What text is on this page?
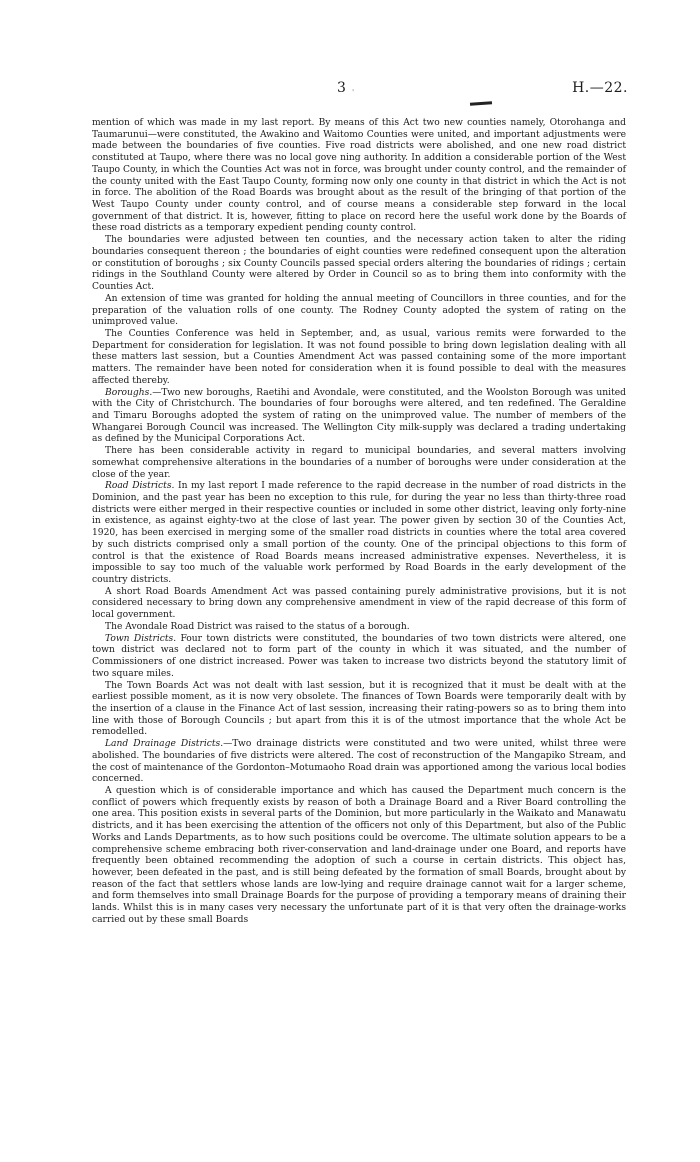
'
3	H.—22.

mention of which was made in my last report. By means of this Act two new counties namely, Otorohanga and Taumarunui—were constituted, the Awakino and Waitomo Counties were united, and important adjustments were made between the boundaries of five counties. Five road districts were abolished, and one new road district constituted at Taupo, where there was no local gove ning authority. In addition a considerable portion of the West Taupo County, in which the Counties Act was not in force, was brought under county control, and the remainder of the county united with the East Taupo County, forming now only one county in that district in which the Act is not in force. The abolition of the Road Boards was brought about as the result of the bringing of that portion of the West Taupo County under county control, and of course means a considerable step forward in the local government of that district. It is, however, fitting to place on record here the useful work done by the Boards of these road districts as a temporary expedient pending county control.

The boundaries were adjusted between ten counties, and the necessary action taken to alter the riding boundaries consequent thereon ; the boundaries of eight counties were redefined consequent upon the alteration or constitution of boroughs ; six County Councils passed special orders altering the boundaries of ridings ; certain ridings in the Southland County were altered by Order in Council so as to bring them into conformity with the Counties Act.

An extension of time was granted for holding the annual meeting of Councillors in three counties, and for the preparation of the valuation rolls of one county. The Rodney County adopted the system of rating on the unimproved value.

The Counties Conference was held in September, and, as usual, various remits were forwarded to the Department for consideration for legislation. It was not found possible to bring down legislation dealing with all these matters last session, but a Counties Amendment Act was passed containing some of the more important matters. The remainder have been noted for consideration when it is found possible to deal with the measures affected thereby.

Boroughs.—Two new boroughs, Raetihi and Avondale, were constituted, and the Woolston Borough was united with the City of Christchurch. The boundaries of four boroughs were altered, and ten redefined. The Geraldine and Timaru Boroughs adopted the system of rating on the unimproved value. The number of members of the Whangarei Borough Council was increased. The Wellington City milk-supply was declared a trading undertaking as defined by the Municipal Corporations Act.

There has been considerable activity in regard to municipal boundaries, and several matters involving somewhat comprehensive alterations in the boundaries of a number of boroughs were under consideration at the close of the year.

Road Districts. In my last report I made reference to the rapid decrease in the number of road districts in the Dominion, and the past year has been no exception to this rule, for during the year no less than thirty-three road districts were either merged in their respective counties or included in some other district, leaving only forty-nine in existence, as against eighty-two at the close of last year. The power given by section 30 of the Counties Act, 1920, has been exercised in merging some of the smaller road districts in counties where the total area covered by such districts comprised only a small portion of the county. One of the principal objections to this form of control is that the existence of Road Boards means increased administrative expenses. Nevertheless, it is impossible to say too much of the valuable work performed by Road Boards in the early development of the country districts.

A short Road Boards Amendment Act was passed containing purely administrative provisions, but it is not considered necessary to bring down any comprehensive amendment in view of the rapid decrease of this form of local government.

The Avondale Road District was raised to the status of a borough.

Town Districts. Four town districts were constituted, the boundaries of two town districts were altered, one town district was declared not to form part of the county in which it was situated, and the number of Commissioners of one district increased. Power was taken to increase two districts beyond the statutory limit of two square miles.

The Town Boards Act was not dealt with last session, but it is recognized that it must be dealt with at the earliest possible moment, as it is now very obsolete. The finances of Town Boards were temporarily dealt with by the insertion of a clause in the Finance Act of last session, increasing their rating-powers so as to bring them into line with those of Borough Councils ; but apart from this it is of the utmost importance that the whole Act be remodelled.

Land Drainage Districts.—Two drainage districts were constituted and two were united, whilst three were abolished. The boundaries of five districts were altered. The cost of reconstruction of the Mangapiko Stream, and the cost of maintenance of the Gordonton–Motumaoho Road drain was apportioned among the various local bodies concerned.

A question which is of considerable importance and which has caused the Department much concern is the conflict of powers which frequently exists by reason of both a Drainage Board and a River Board controlling the one area. This position exists in several parts of the Dominion, but more particularly in the Waikato and Manawatu districts, and it has been exercising the attention of the officers not only of this Department, but also of the Public Works and Lands Departments, as to how such positions could be overcome. The ultimate solution appears to be a comprehensive scheme embracing both river-conservation and land-drainage under one Board, and reports have frequently been obtained recommending the adoption of such a course in certain districts. This object has, however, been defeated in the past, and is still being defeated by the formation of small Boards, brought about by reason of the fact that settlers whose lands are low-lying and require drainage cannot wait for a larger scheme, and form themselves into small Drainage Boards for the purpose of providing a temporary means of draining their lands. Whilst this is in many cases very necessary the unfortunate part of it is that very often the drainage-works carried out by these small Boards
